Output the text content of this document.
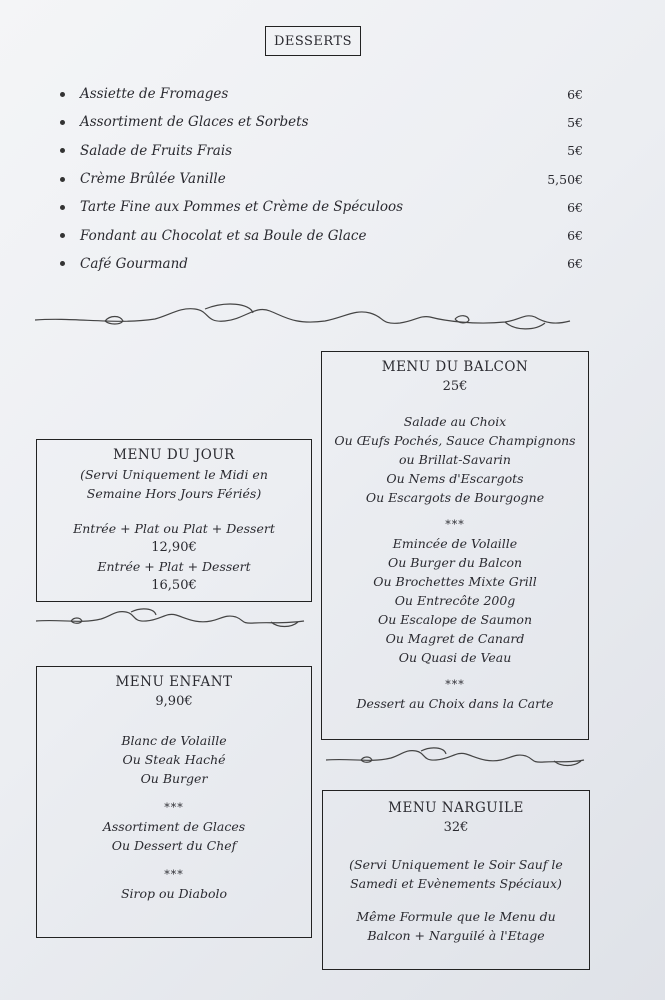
DESSERTS
Assiette de Fromages	6€
Assortiment de Glaces et Sorbets	5€
Salade de Fruits Frais	5€
Crème Brûlée Vanille	5,50€
Tarte Fine aux Pommes et Crème de Spéculoos	6€
Fondant au Chocolat et sa Boule de Glace	6€
Café Gourmand	6€
MENU DU BALCON
25€
Salade au Choix
Ou Œufs Pochés, Sauce Champignons
ou Brillat-Savarin
Ou Nems d'Escargots
Ou Escargots de Bourgogne
***
Emincée de Volaille
Ou Burger du Balcon
Ou Brochettes Mixte Grill
Ou Entrecôte 200g
Ou Escalope de Saumon
Ou Magret de Canard
Ou Quasi de Veau
***
Dessert au Choix dans la Carte
MENU DU JOUR
(Servi Uniquement le Midi en
Semaine Hors Jours Fériés)
Entrée + Plat ou Plat + Dessert
12,90€
Entrée + Plat + Dessert
16,50€
MENU ENFANT
9,90€
Blanc de Volaille
Ou Steak Haché
Ou Burger
***
Assortiment de Glaces
Ou Dessert du Chef
***
Sirop ou Diabolo
MENU NARGUILE
32€
(Servi Uniquement le Soir Sauf le
Samedi et Evènements Spéciaux)
Même Formule que le Menu du
Balcon + Narguilé à l'Etage
